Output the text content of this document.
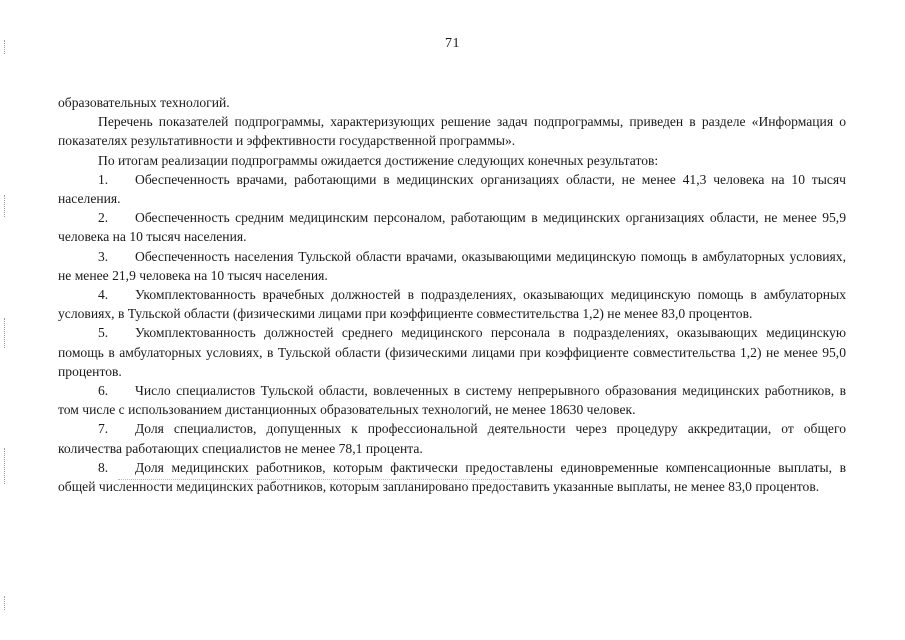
71

образовательных технологий.

Перечень показателей подпрограммы, характеризующих решение задач подпрограммы, приведен в разделе «Информация о показателях результативности и эффективности государственной программы».

По итогам реализации подпрограммы ожидается достижение следующих конечных результатов:

1. Обеспеченность врачами, работающими в медицинских организациях области, не менее 41,3 человека на 10 тысяч населения.

2. Обеспеченность средним медицинским персоналом, работающим в медицинских организациях области, не менее 95,9 человека на 10 тысяч населения.

3. Обеспеченность населения Тульской области врачами, оказывающими медицинскую помощь в амбулаторных условиях, не менее 21,9 человека на 10 тысяч населения.

4. Укомплектованность врачебных должностей в подразделениях, оказывающих медицинскую помощь в амбулаторных условиях, в Тульской области (физическими лицами при коэффициенте совместительства 1,2) не менее 83,0 процентов.

5. Укомплектованность должностей среднего медицинского персонала в подразделениях, оказывающих медицинскую помощь в амбулаторных условиях, в Тульской области (физическими лицами при коэффициенте совместительства 1,2) не менее 95,0 процентов.

6. Число специалистов Тульской области, вовлеченных в систему непрерывного образования медицинских работников, в том числе с использованием дистанционных образовательных технологий, не менее 18630 человек.

7. Доля специалистов, допущенных к профессиональной деятельности через процедуру аккредитации, от общего количества работающих специалистов не менее 78,1 процента.

8. Доля медицинских работников, которым фактически предоставлены единовременные компенсационные выплаты, в общей численности медицинских работников, которым запланировано предоставить указанные выплаты, не менее 83,0 процентов.
